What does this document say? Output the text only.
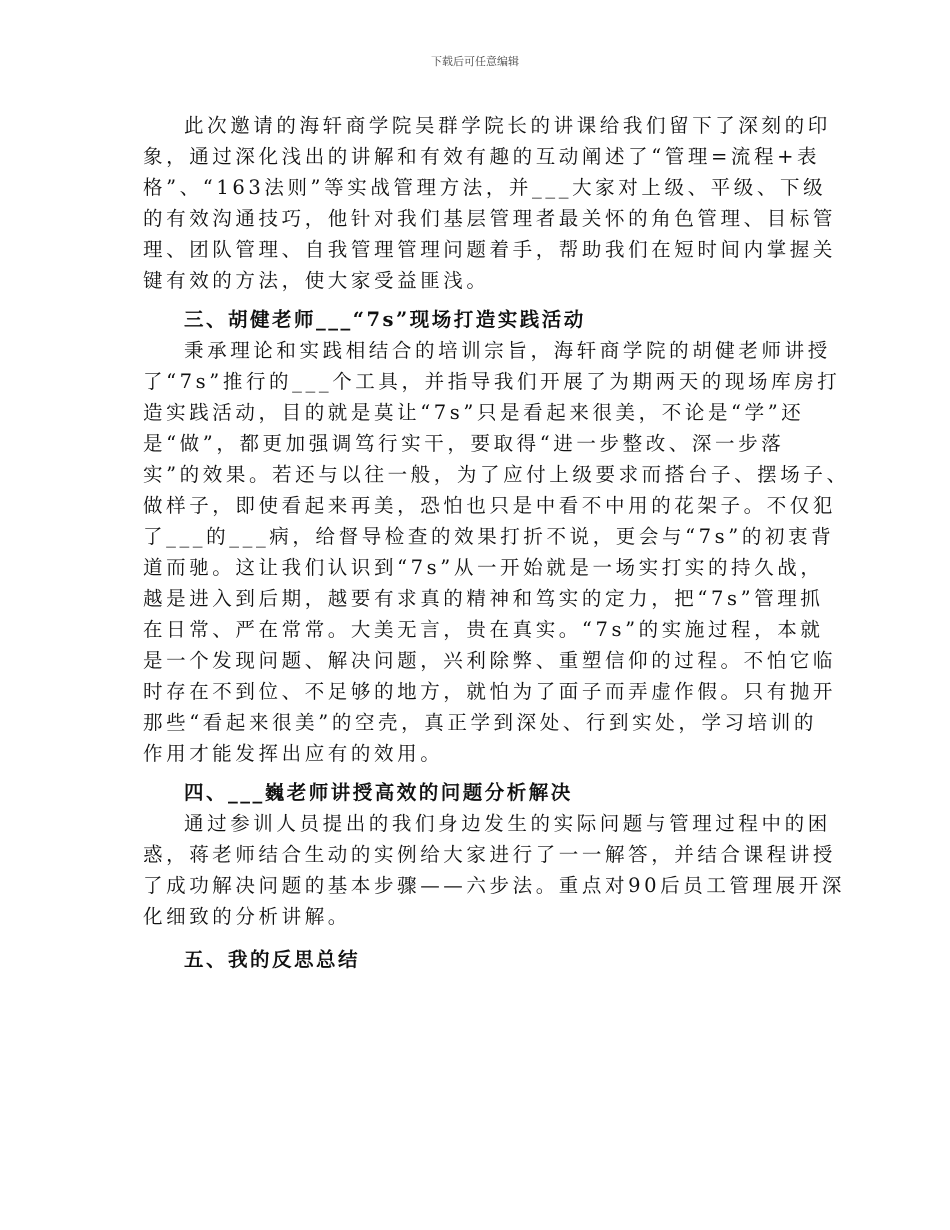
下载后可任意编辑
此次邀请的海轩商学院吴群学院长的讲课给我们留下了深刻的印
象，通过深化浅出的讲解和有效有趣的互动阐述了“管理=流程+表
格”、“163法则”等实战管理方法，并___大家对上级、平级、下级
的有效沟通技巧，他针对我们基层管理者最关怀的角色管理、目标管
理、团队管理、自我管理管理问题着手，帮助我们在短时间内掌握关
键有效的方法，使大家受益匪浅。
三、胡健老师___“7s”现场打造实践活动
秉承理论和实践相结合的培训宗旨，海轩商学院的胡健老师讲授
了“7s”推行的___个工具，并指导我们开展了为期两天的现场库房打
造实践活动，目的就是莫让“7s”只是看起来很美，不论是“学”还
是“做”，都更加强调笃行实干，要取得“进一步整改、深一步落
实”的效果。若还与以往一般，为了应付上级要求而搭台子、摆场子、
做样子，即使看起来再美，恐怕也只是中看不中用的花架子。不仅犯
了___的___病，给督导检查的效果打折不说，更会与“7s”的初衷背
道而驰。这让我们认识到“7s”从一开始就是一场实打实的持久战，
越是进入到后期，越要有求真的精神和笃实的定力，把“7s”管理抓
在日常、严在常常。大美无言，贵在真实。“7s”的实施过程，本就
是一个发现问题、解决问题，兴利除弊、重塑信仰的过程。不怕它临
时存在不到位、不足够的地方，就怕为了面子而弄虚作假。只有抛开
那些“看起来很美”的空壳，真正学到深处、行到实处，学习培训的
作用才能发挥出应有的效用。
四、___巍老师讲授高效的问题分析解决
通过参训人员提出的我们身边发生的实际问题与管理过程中的困
惑，蒋老师结合生动的实例给大家进行了一一解答，并结合课程讲授
了成功解决问题的基本步骤——六步法。重点对90后员工管理展开深
化细致的分析讲解。
五、我的反思总结
